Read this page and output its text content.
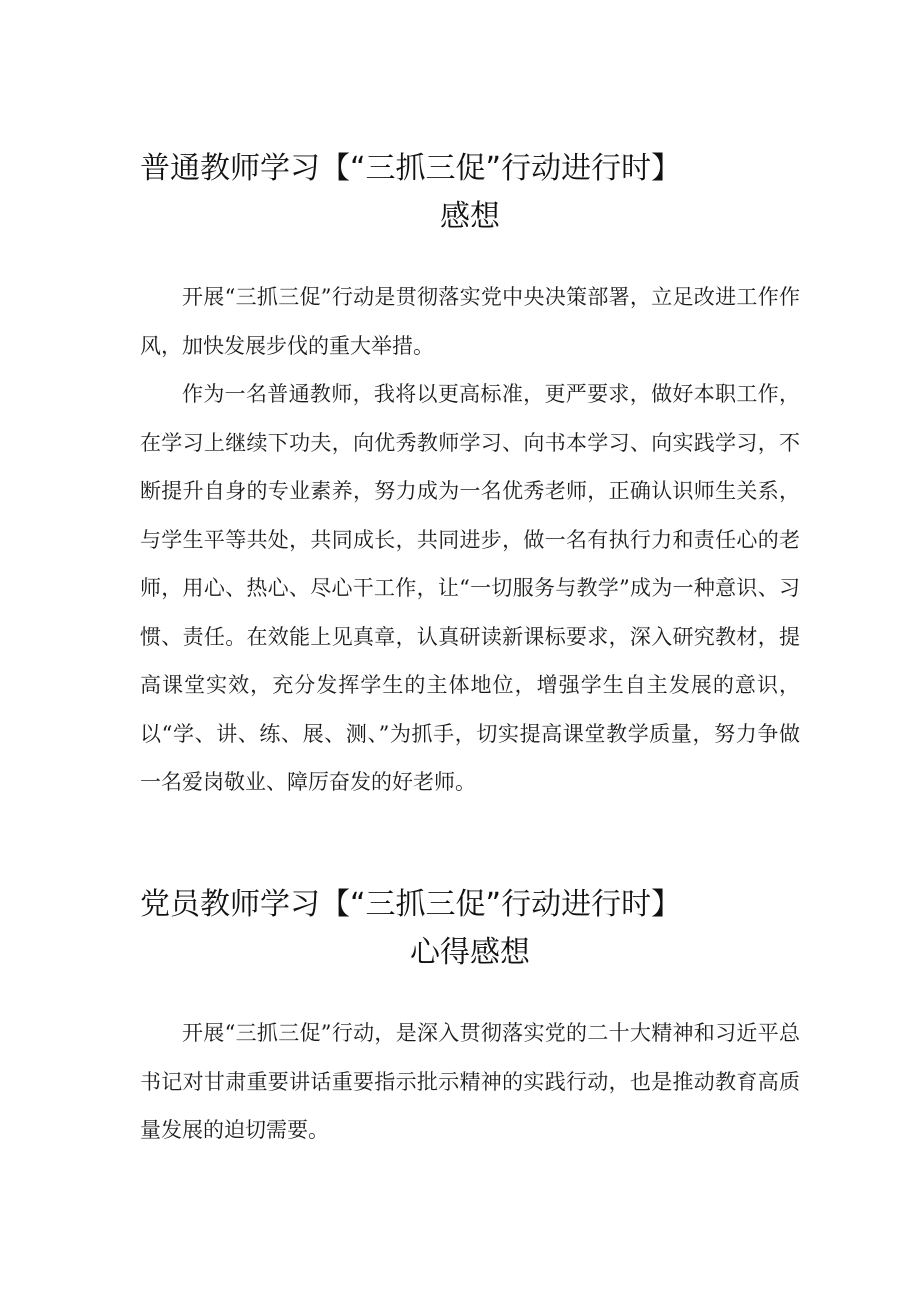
普通教师学习【“三抓三促”行动进行时】
感想

开展“三抓三促”行动是贯彻落实党中央决策部署，立足改进工作作风，加快发展步伐的重大举措。

作为一名普通教师，我将以更高标准，更严要求，做好本职工作，在学习上继续下功夫，向优秀教师学习、向书本学习、向实践学习，不断提升自身的专业素养，努力成为一名优秀老师，正确认识师生关系，与学生平等共处，共同成长，共同进步，做一名有执行力和责任心的老师，用心、热心、尽心干工作，让“一切服务与教学”成为一种意识、习惯、责任。在效能上见真章，认真研读新课标要求，深入研究教材，提高课堂实效，充分发挥学生的主体地位，增强学生自主发展的意识，以“学、讲、练、展、测、”为抓手，切实提高课堂教学质量，努力争做一名爱岗敬业、障厉奋发的好老师。

党员教师学习【“三抓三促”行动进行时】
心得感想

开展“三抓三促”行动，是深入贯彻落实党的二十大精神和习近平总书记对甘肃重要讲话重要指示批示精神的实践行动，也是推动教育高质量发展的迫切需要。
